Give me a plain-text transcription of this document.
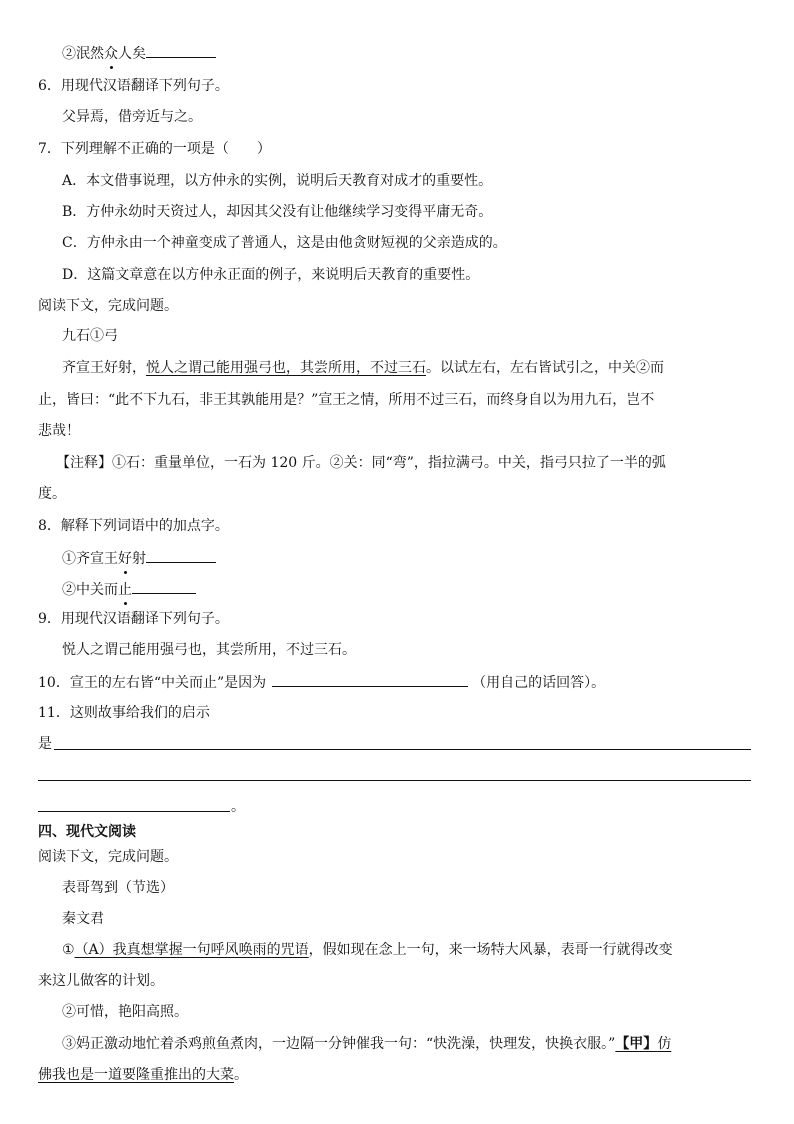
②泯然众人矣
6．用现代汉语翻译下列句子。
父异焉，借旁近与之。
7．下列理解不正确的一项是（　　）
A．本文借事说理，以方仲永的实例，说明后天教育对成才的重要性。
B．方仲永幼时天资过人，却因其父没有让他继续学习变得平庸无奇。
C．方仲永由一个神童变成了普通人，这是由他贪财短视的父亲造成的。
D．这篇文章意在以方仲永正面的例子，来说明后天教育的重要性。
阅读下文，完成问题。
九石①弓
齐宣王好射，悦人之谓己能用强弓也，其尝所用，不过三石。以试左右，左右皆试引之，中关②而
止，皆曰：“此不下九石，非王其孰能用是？”宣王之情，所用不过三石，而终身自以为用九石，岂不
悲哉！
【注释】①石：重量单位，一石为 120 斤。②关：同“弯”，指拉满弓。中关，指弓只拉了一半的弧
度。
8．解释下列词语中的加点字。
①齐宣王好射
②中关而止
9．用现代汉语翻译下列句子。
悦人之谓己能用强弓也，其尝所用，不过三石。
10．宣王的左右皆“中关而止”是因为	（用自己的话回答）。
11．这则故事给我们的启示
是
。
四、现代文阅读
阅读下文，完成问题。
表哥驾到（节选）
秦文君
①（A）我真想掌握一句呼风唤雨的咒语，假如现在念上一句，来一场特大风暴，表哥一行就得改变
来这儿做客的计划。
②可惜，艳阳高照。
③妈正激动地忙着杀鸡煎鱼煮肉，一边隔一分钟催我一句：“快洗澡，快理发，快换衣服。”【甲】仿
佛我也是一道要隆重推出的大菜。
